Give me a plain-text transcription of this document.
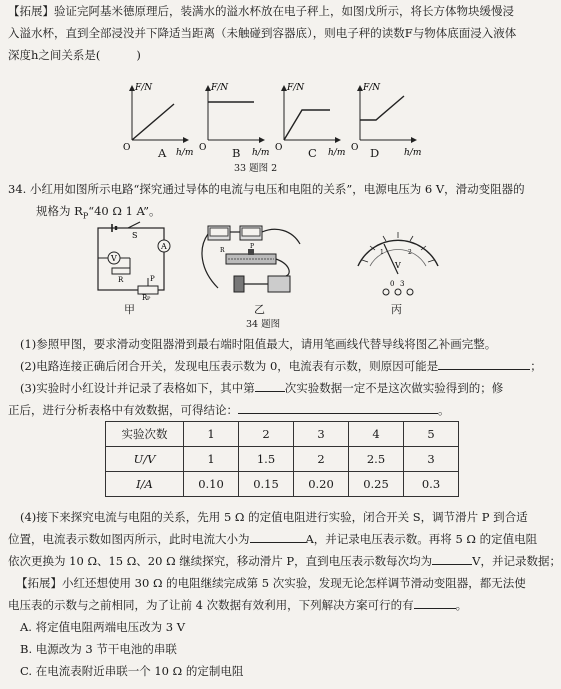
【拓展】验证完阿基米德原理后，装满水的溢水杯放在电子秤上，如图戊所示，将长方体物块缓慢浸
入溢水杯，直到全部浸没并下降适当距离（未触碰到容器底），则电子秤的读数F与物体底面浸入液体
深度h之间关系是(	)
F/N
h/m
O
F/N
h/m
O
F/N
h/m
O
F/N
h/m
O
A	B	C	D
33 题图 2
34. 小红用如图所示电路“探究通过导体的电流与电压和电阻的关系”，电源电压为 6 V，滑动变阻器的
规格为 $R_P“40$ Ω 1 A”。
S
A
V
R	P
R P
甲
R
P
乙
1	2
V
0 3
丙
34 题图
(1)参照甲图，要求滑动变阻器滑到最右端时阻值最大，请用笔画线代替导线将图乙补画完整。
(2)电路连接正确后闭合开关，发现电压表示数为 0，电流表有示数，则原因可能是	；
(3)实验时小红设计并记录了表格如下，其中第	次实验数据一定不是这次做实验得到的；修
正后，进行分析表格中有效数据，可得结论：	。
实验次数	1	2	3	4	5
U/V	1	1.5	2	2.5	3
I/A	0.10	0.15	0.20	0.25	0.3
(4)接下来探究电流与电阻的关系，先用 5 Ω 的定值电阻进行实验，闭合开关 S，调节滑片 P 到合适
位置，电流表示数如图丙所示，此时电流大小为	A，并记录电压表示数。再将 5 Ω 的定值电阻
依次更换为 10 Ω、15 Ω、20 Ω 继续探究，移动滑片 P，直到电压表示数每次均为	V，并记录数据；
【拓展】小红还想使用 30 Ω 的电阻继续完成第 5 次实验，发现无论怎样调节滑动变阻器，都无法使
电压表的示数与之前相同，为了让前 4 次数据有效利用，下列解决方案可行的有	。
A. 将定值电阻两端电压改为 3 V
B. 电源改为 3 节干电池的串联
C. 在电流表附近串联一个 10 Ω 的定制电阻
